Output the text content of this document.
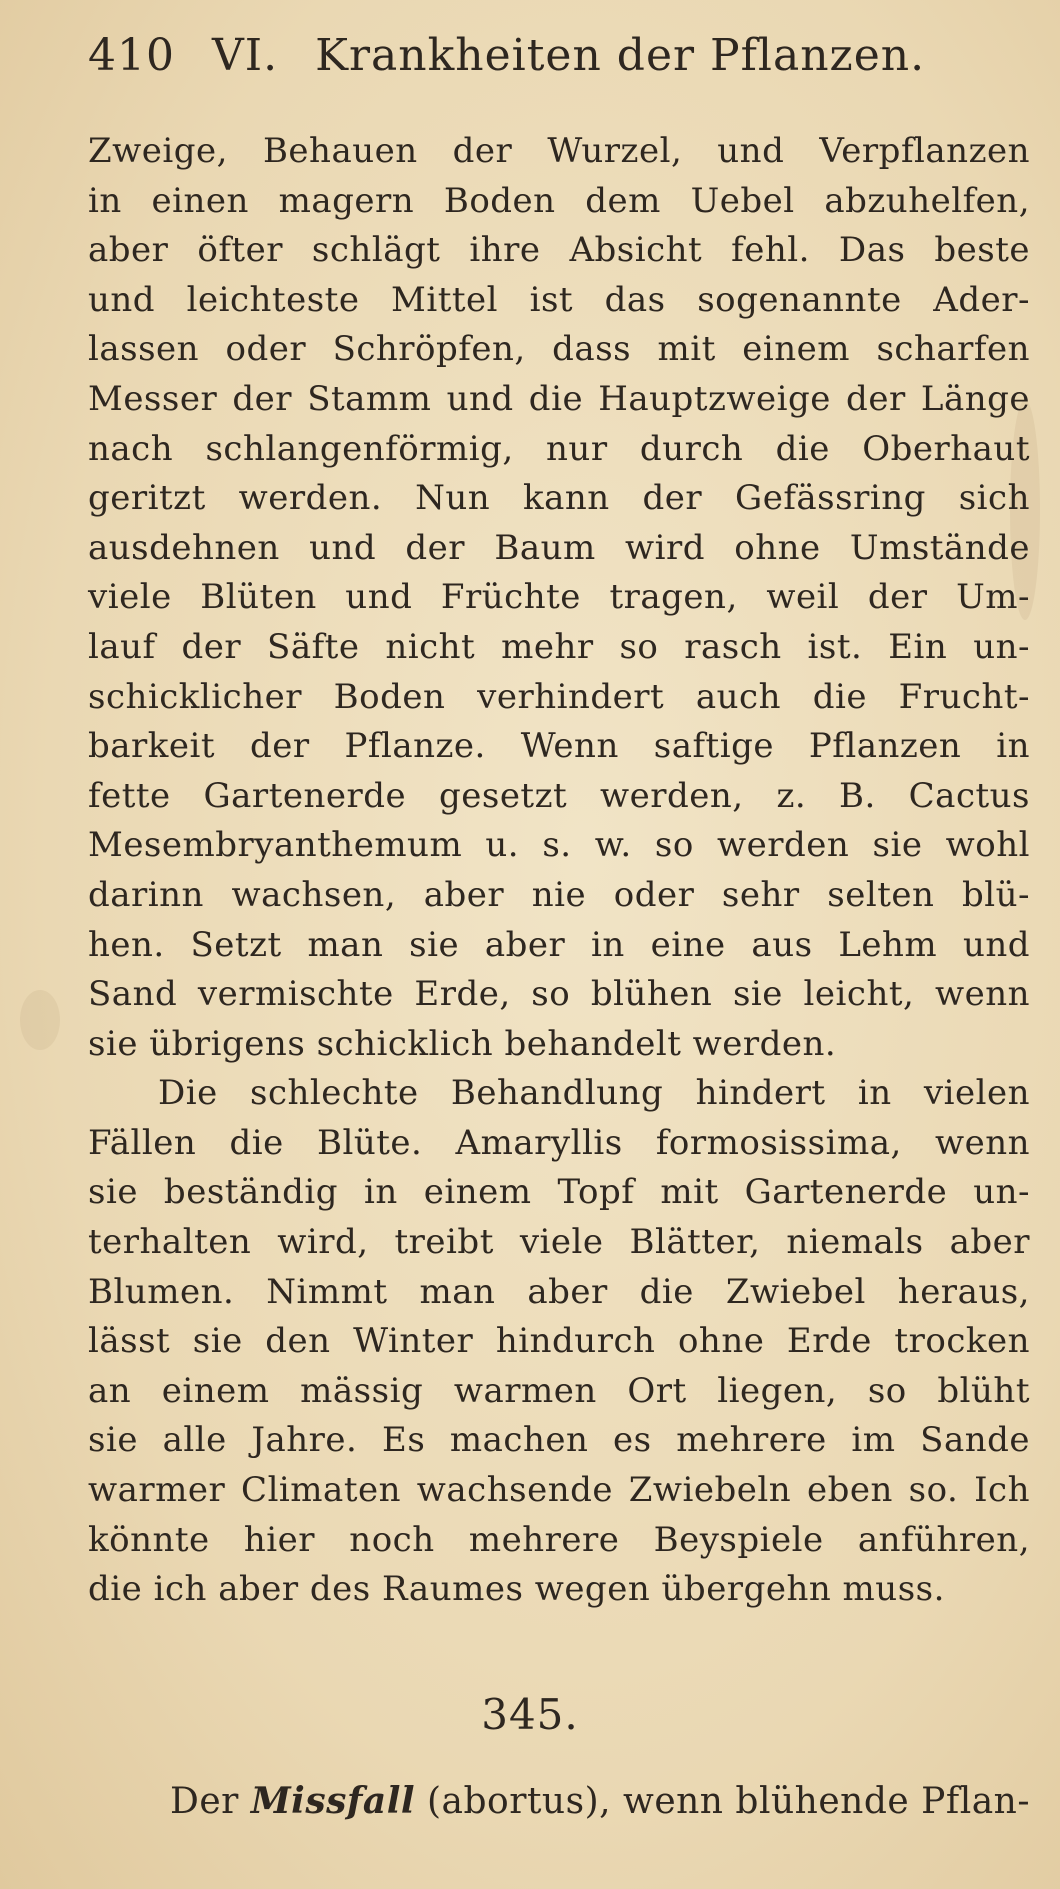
410 VI. Krankheiten der Pflanzen.
Zweige, Behauen der Wurzel, und Verpflanzen
in einen magern Boden dem Uebel abzuhelfen,
aber öfter schlägt ihre Absicht fehl. Das beste
und leichteste Mittel ist das sogenannte Ader-
lassen oder Schröpfen, dass mit einem scharfen
Messer der Stamm und die Hauptzweige der Länge
nach schlangenförmig, nur durch die Oberhaut
geritzt werden. Nun kann der Gefässring sich
ausdehnen und der Baum wird ohne Umstände
viele Blüten und Früchte tragen, weil der Um-
lauf der Säfte nicht mehr so rasch ist. Ein un-
schicklicher Boden verhindert auch die Frucht-
barkeit der Pflanze. Wenn saftige Pflanzen in
fette Gartenerde gesetzt werden, z. B. Cactus
Mesembryanthemum u. s. w. so werden sie wohl
darinn wachsen, aber nie oder sehr selten blü-
hen. Setzt man sie aber in eine aus Lehm und
Sand vermischte Erde, so blühen sie leicht, wenn
sie übrigens schicklich behandelt werden.
Die schlechte Behandlung hindert in vielen
Fällen die Blüte. Amaryllis formosissima, wenn
sie beständig in einem Topf mit Gartenerde un-
terhalten wird, treibt viele Blätter, niemals aber
Blumen. Nimmt man aber die Zwiebel heraus,
lässt sie den Winter hindurch ohne Erde trocken
an einem mässig warmen Ort liegen, so blüht
sie alle Jahre. Es machen es mehrere im Sande
warmer Climaten wachsende Zwiebeln eben so. Ich
könnte hier noch mehrere Beyspiele anführen,
die ich aber des Raumes wegen übergehn muss.
345.
Der Missfall (abortus), wenn blühende Pflan-
